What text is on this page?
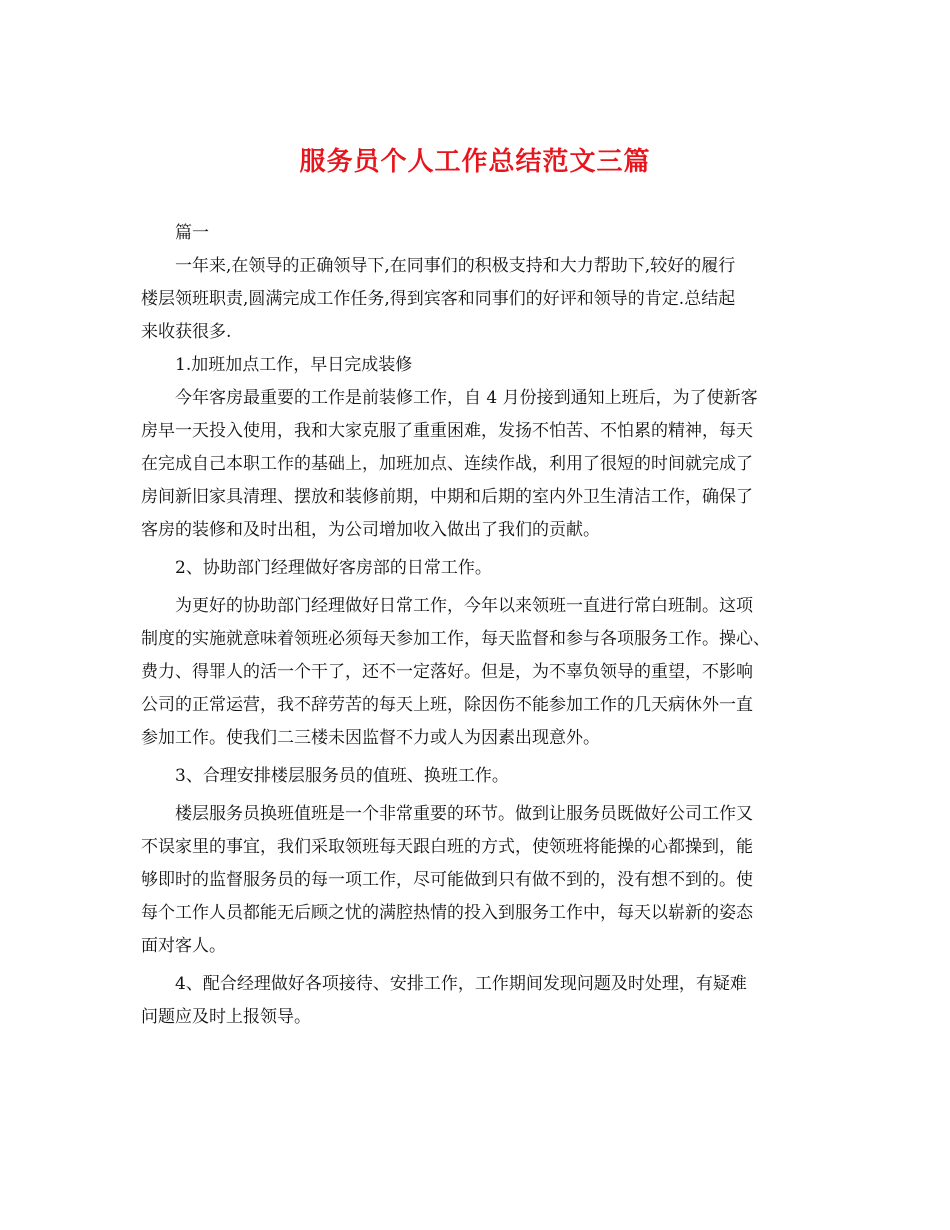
服务员个人工作总结范文三篇
篇一
一年来,在领导的正确领导下,在同事们的积极支持和大力帮助下,较好的履行
楼层领班职责,圆满完成工作任务,得到宾客和同事们的好评和领导的肯定.总结起
来收获很多.
1.加班加点工作，早日完成装修
今年客房最重要的工作是前装修工作，自 4 月份接到通知上班后，为了使新客
房早一天投入使用，我和大家克服了重重困难，发扬不怕苦、不怕累的精神，每天
在完成自己本职工作的基础上，加班加点、连续作战，利用了很短的时间就完成了
房间新旧家具清理、摆放和装修前期，中期和后期的室内外卫生清洁工作，确保了
客房的装修和及时出租，为公司增加收入做出了我们的贡献。
2、协助部门经理做好客房部的日常工作。
为更好的协助部门经理做好日常工作，今年以来领班一直进行常白班制。这项
制度的实施就意味着领班必须每天参加工作，每天监督和参与各项服务工作。操心、
费力、得罪人的活一个干了，还不一定落好。但是，为不辜负领导的重望，不影响
公司的正常运营，我不辞劳苦的每天上班，除因伤不能参加工作的几天病休外一直
参加工作。使我们二三楼未因监督不力或人为因素出现意外。
3、合理安排楼层服务员的值班、换班工作。
楼层服务员换班值班是一个非常重要的环节。做到让服务员既做好公司工作又
不误家里的事宜，我们采取领班每天跟白班的方式，使领班将能操的心都操到，能
够即时的监督服务员的每一项工作，尽可能做到只有做不到的，没有想不到的。使
每个工作人员都能无后顾之忧的满腔热情的投入到服务工作中，每天以崭新的姿态
面对客人。
4、配合经理做好各项接待、安排工作，工作期间发现问题及时处理，有疑难
问题应及时上报领导。
